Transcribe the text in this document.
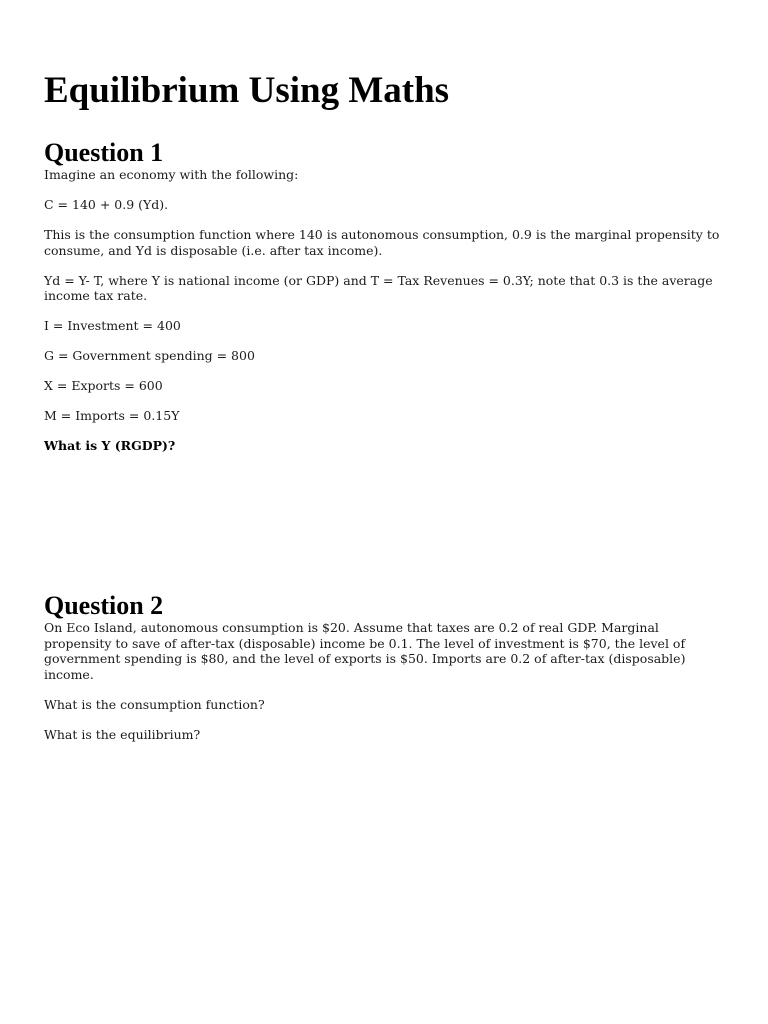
Equilibrium Using Maths
Question 1

Imagine an economy with the following:

C = 140 + 0.9 (Yd).

This is the consumption function where 140 is autonomous consumption, 0.9 is the marginal propensity to consume, and Yd is disposable (i.e. after tax income).

Yd = Y- T, where Y is national income (or GDP) and T = Tax Revenues = 0.3Y; note that 0.3 is the average income tax rate.

I = Investment = 400

G = Government spending = 800

X = Exports = 600

M = Imports = 0.15Y

What is Y (RGDP)?

Question 2

On Eco Island, autonomous consumption is $20. Assume that taxes are 0.2 of real GDP. Marginal propensity to save of after-tax (disposable) income be 0.1. The level of investment is $70, the level of government spending is $80, and the level of exports is $50. Imports are 0.2 of after-tax (disposable) income.

What is the consumption function?

What is the equilibrium?
